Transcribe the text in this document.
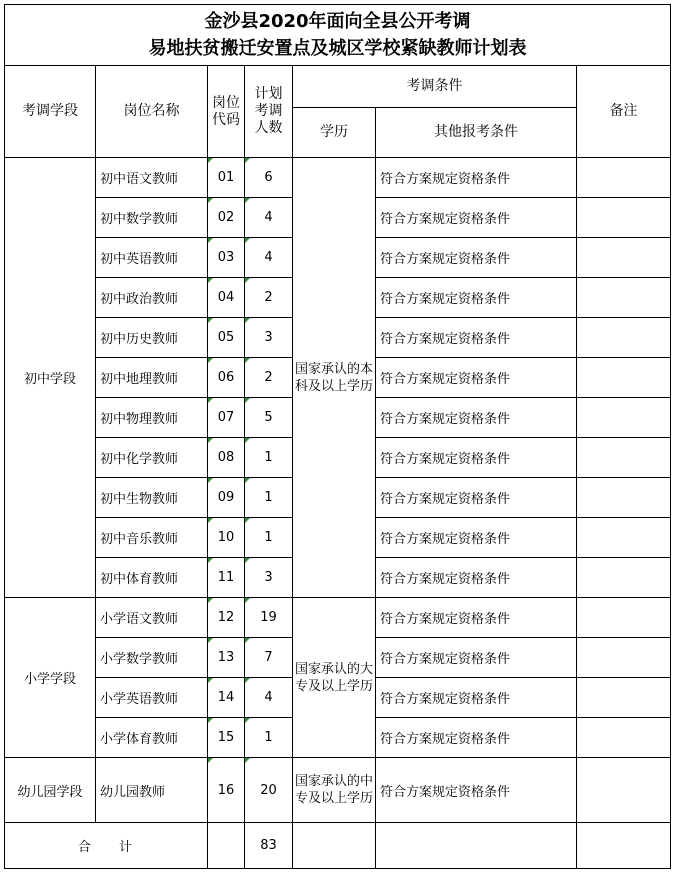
金沙县2020年面向全县公开考调
易地扶贫搬迁安置点及城区学校紧缺教师计划表						

考调学段	岗位名称	岗位代码	计划考调人数	考调条件		备注
				学历	其他报考条件	
初中学段	初中语文教师	01	6	国家承认的本科及以上学历	符合方案规定资格条件	
	初中数学教师	02	4		符合方案规定资格条件	
	初中英语教师	03	4		符合方案规定资格条件	
	初中政治教师	04	2		符合方案规定资格条件	
	初中历史教师	05	3		符合方案规定资格条件	
	初中地理教师	06	2		符合方案规定资格条件	
	初中物理教师	07	5		符合方案规定资格条件	
	初中化学教师	08	1		符合方案规定资格条件	
	初中生物教师	09	1		符合方案规定资格条件	
	初中音乐教师	10	1		符合方案规定资格条件	
	初中体育教师	11	3		符合方案规定资格条件	
小学学段	小学语文教师	12	19	国家承认的大专及以上学历	符合方案规定资格条件	
	小学数学教师	13	7		符合方案规定资格条件	
	小学英语教师	14	4		符合方案规定资格条件	
	小学体育教师	15	1		符合方案规定资格条件	
幼儿园学段	幼儿园教师	16	20	国家承认的中专及以上学历	符合方案规定资格条件	
合 计			83			
